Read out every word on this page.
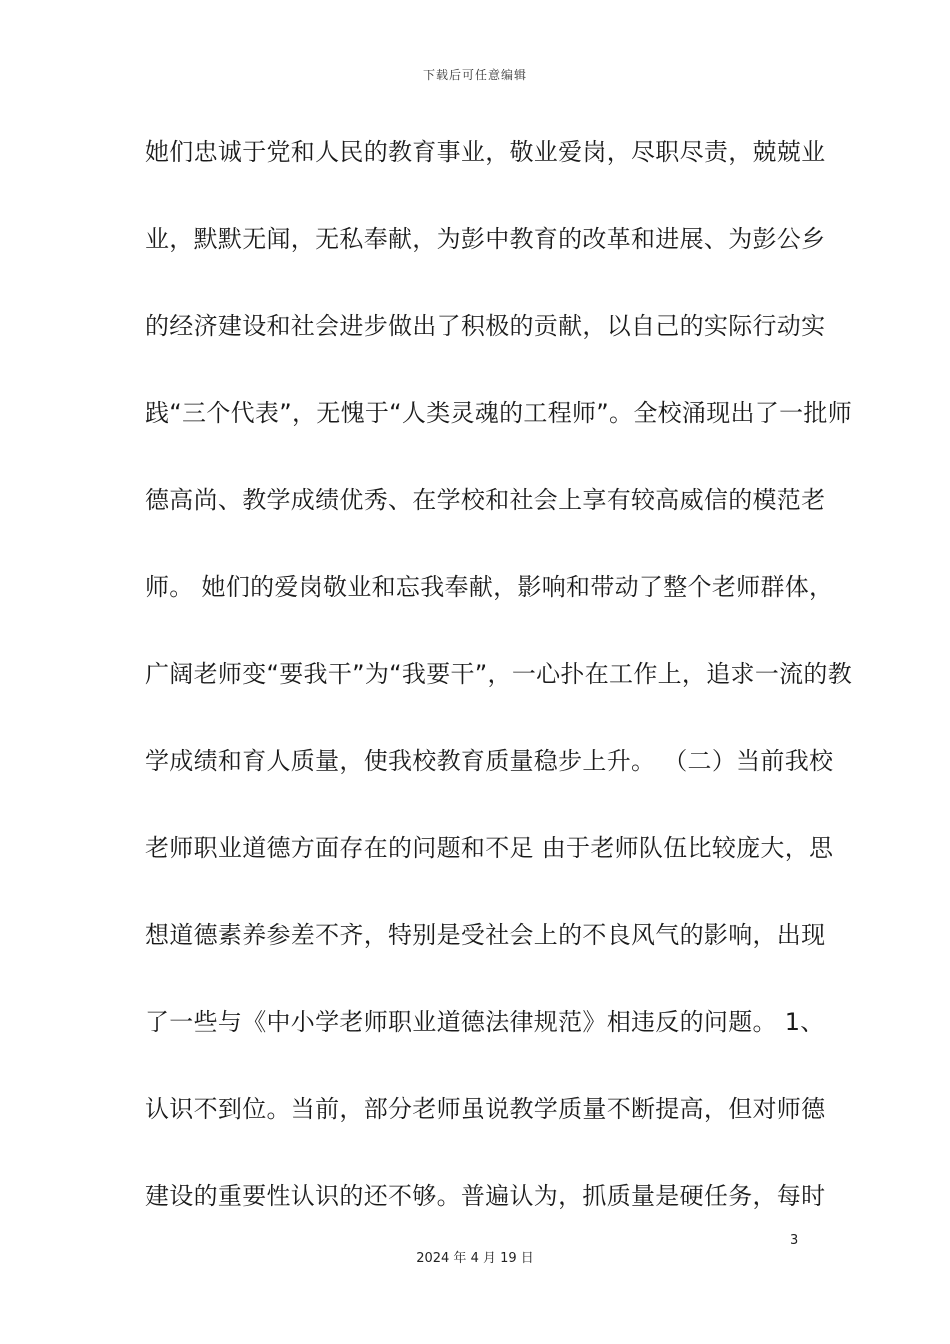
下载后可任意编辑
她们忠诚于党和人民的教育事业，敬业爱岗，尽职尽责，兢兢业
业，默默无闻，无私奉献，为彭中教育的改革和进展、为彭公乡
的经济建设和社会进步做出了积极的贡献，以自己的实际行动实
践“三个代表”，无愧于“人类灵魂的工程师”。全校涌现出了一批师
德高尚、教学成绩优秀、在学校和社会上享有较高威信的模范老
师。 她们的爱岗敬业和忘我奉献，影响和带动了整个老师群体，
广阔老师变“要我干”为“我要干”，一心扑在工作上，追求一流的教
学成绩和育人质量，使我校教育质量稳步上升。 （二）当前我校
老师职业道德方面存在的问题和不足 由于老师队伍比较庞大，思
想道德素养参差不齐，特别是受社会上的不良风气的影响，出现
了一些与《中小学老师职业道德法律规范》相违反的问题。 1、
认识不到位。当前，部分老师虽说教学质量不断提高，但对师德
建设的重要性认识的还不够。普遍认为，抓质量是硬任务，每时
3
2024 年 4 月 19 日
